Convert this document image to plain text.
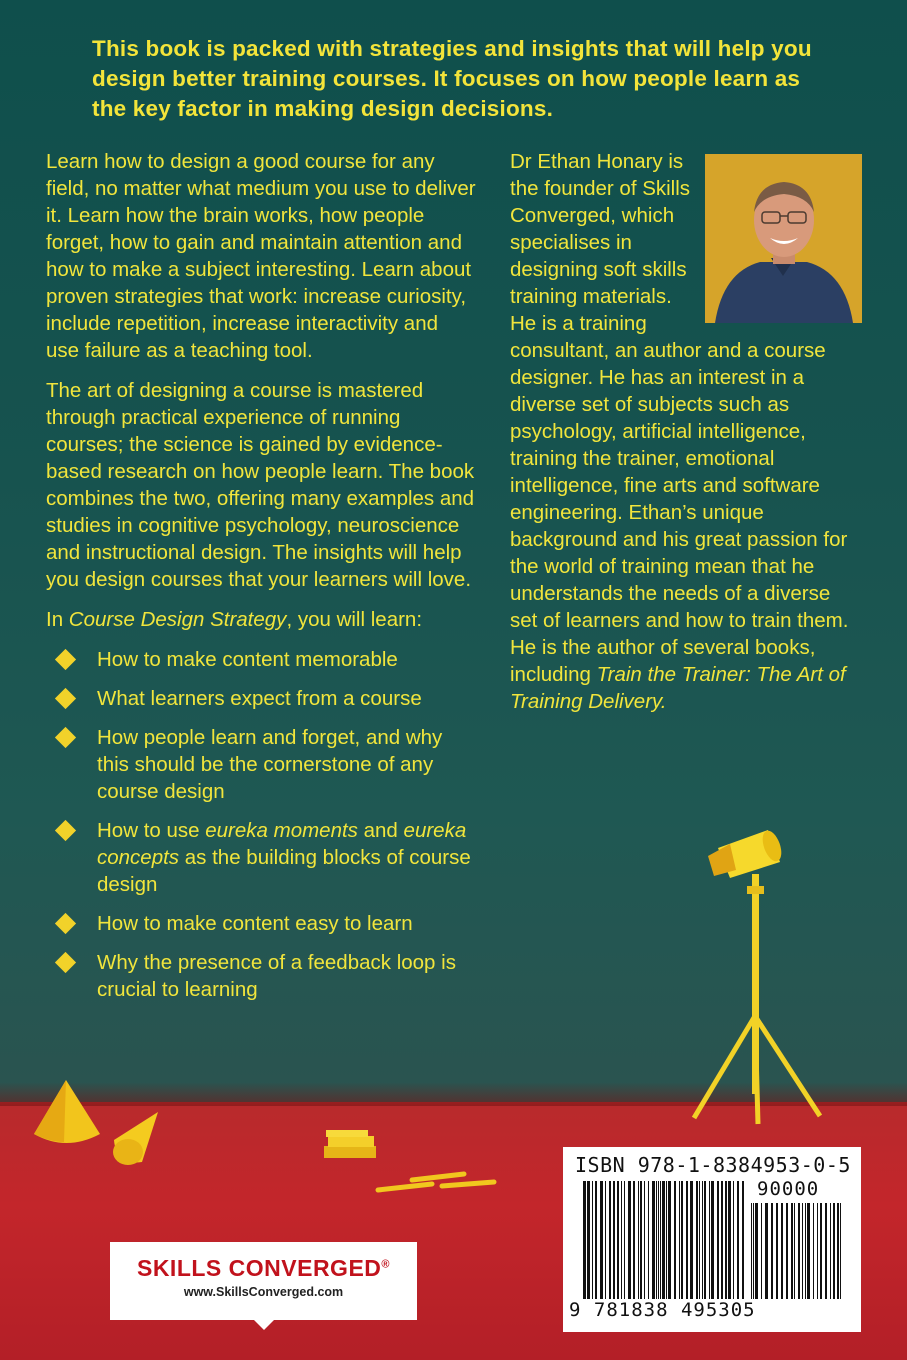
This book is packed with strategies and insights that will help you design better training courses. It focuses on how people learn as the key factor in making design decisions.

Learn how to design a good course for any field, no matter what medium you use to deliver it. Learn how the brain works, how people forget, how to gain and maintain attention and how to make a subject interesting. Learn about proven strategies that work: increase curiosity, include repetition, increase interactivity and use failure as a teaching tool.

The art of designing a course is mastered through practical experience of running courses; the science is gained by evidence-based research on how people learn. The book combines the two, offering many examples and studies in cognitive psychology, neuroscience and instructional design. The insights will help you design courses that your learners will love.

In Course Design Strategy, you will learn:

How to make content memorable
What learners expect from a course
How people learn and forget, and why this should be the cornerstone of any course design
How to use eureka moments and eureka concepts as the building blocks of course design
How to make content easy to learn
Why the presence of a feedback loop is crucial to learning
Dr Ethan Honary is the founder of Skills Converged, which specialises in designing soft skills training materials. He is a training consultant, an author and a course designer. He has an interest in a diverse set of subjects such as psychology, artificial intelligence, training the trainer, emotional intelligence, fine arts and software engineering. Ethan’s unique background and his great passion for the world of training mean that he understands the needs of a diverse set of learners and how to train them. He is the author of several books, including Train the Trainer: The Art of Training Delivery.
SKILLS CONVERGED®
www.SkillsConverged.com
ISBN 978-1-8384953-0-5
90000
9 781838 495305
